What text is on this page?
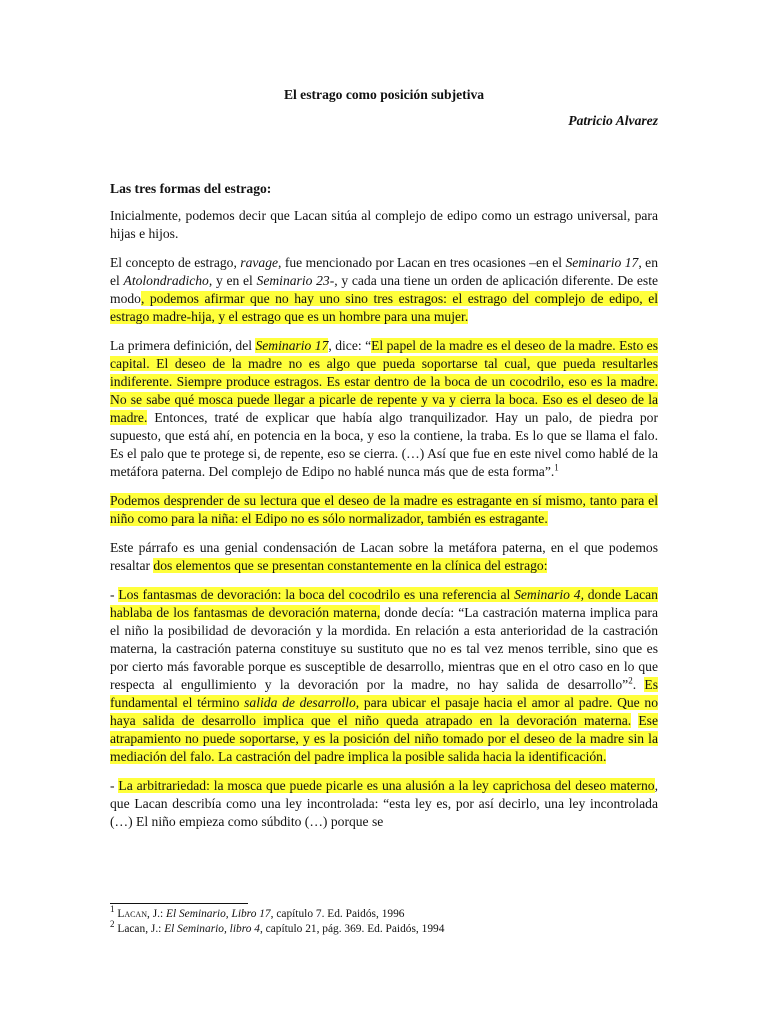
El estrago como posición subjetiva
Patricio Alvarez
Las tres formas del estrago:

Inicialmente, podemos decir que Lacan sitúa al complejo de edipo como un estrago universal, para hijas e hijos.

El concepto de estrago, ravage, fue mencionado por Lacan en tres ocasiones –en el Seminario 17, en el Atolondradicho, y en el Seminario 23-, y cada una tiene un orden de aplicación diferente. De este modo, podemos afirmar que no hay uno sino tres estragos: el estrago del complejo de edipo, el estrago madre-hija, y el estrago que es un hombre para una mujer.

La primera definición, del Seminario 17, dice: “El papel de la madre es el deseo de la madre. Esto es capital. El deseo de la madre no es algo que pueda soportarse tal cual, que pueda resultarles indiferente. Siempre produce estragos. Es estar dentro de la boca de un cocodrilo, eso es la madre. No se sabe qué mosca puede llegar a picarle de repente y va y cierra la boca. Eso es el deseo de la madre. Entonces, traté de explicar que había algo tranquilizador. Hay un palo, de piedra por supuesto, que está ahí, en potencia en la boca, y eso la contiene, la traba. Es lo que se llama el falo. Es el palo que te protege si, de repente, eso se cierra. (…) Así que fue en este nivel como hablé de la metáfora paterna. Del complejo de Edipo no hablé nunca más que de esta forma”.$^1$

Podemos desprender de su lectura que el deseo de la madre es estragante en sí mismo, tanto para el niño como para la niña: el Edipo no es sólo normalizador, también es estragante.

Este párrafo es una genial condensación de Lacan sobre la metáfora paterna, en el que podemos resaltar dos elementos que se presentan constantemente en la clínica del estrago:

- Los fantasmas de devoración: la boca del cocodrilo es una referencia al Seminario 4, donde Lacan hablaba de los fantasmas de devoración materna, donde decía: “La castración materna implica para el niño la posibilidad de devoración y la mordida. En relación a esta anterioridad de la castración materna, la castración paterna constituye su sustituto que no es tal vez menos terrible, sino que es por cierto más favorable porque es susceptible de desarrollo, mientras que en el otro caso en lo que respecta al engullimiento y la devoración por la madre, no hay salida de desarrollo”$^2$. Es fundamental el término salida de desarrollo, para ubicar el pasaje hacia el amor al padre. Que no haya salida de desarrollo implica que el niño queda atrapado en la devoración materna. Ese atrapamiento no puede soportarse, y es la posición del niño tomado por el deseo de la madre sin la mediación del falo. La castración del padre implica la posible salida hacia la identificación.

- La arbitrariedad: la mosca que puede picarle es una alusión a la ley caprichosa del deseo materno, que Lacan describía como una ley incontrolada: “esta ley es, por así decirlo, una ley incontrolada (…) El niño empieza como súbdito (…) porque se

$^1$ Lacan, J.: El Seminario, Libro 17, capítulo 7. Ed. Paidós, 1996
$^2$ Lacan, J.: El Seminario, libro 4, capítulo 21, pág. 369. Ed. Paidós, 1994
